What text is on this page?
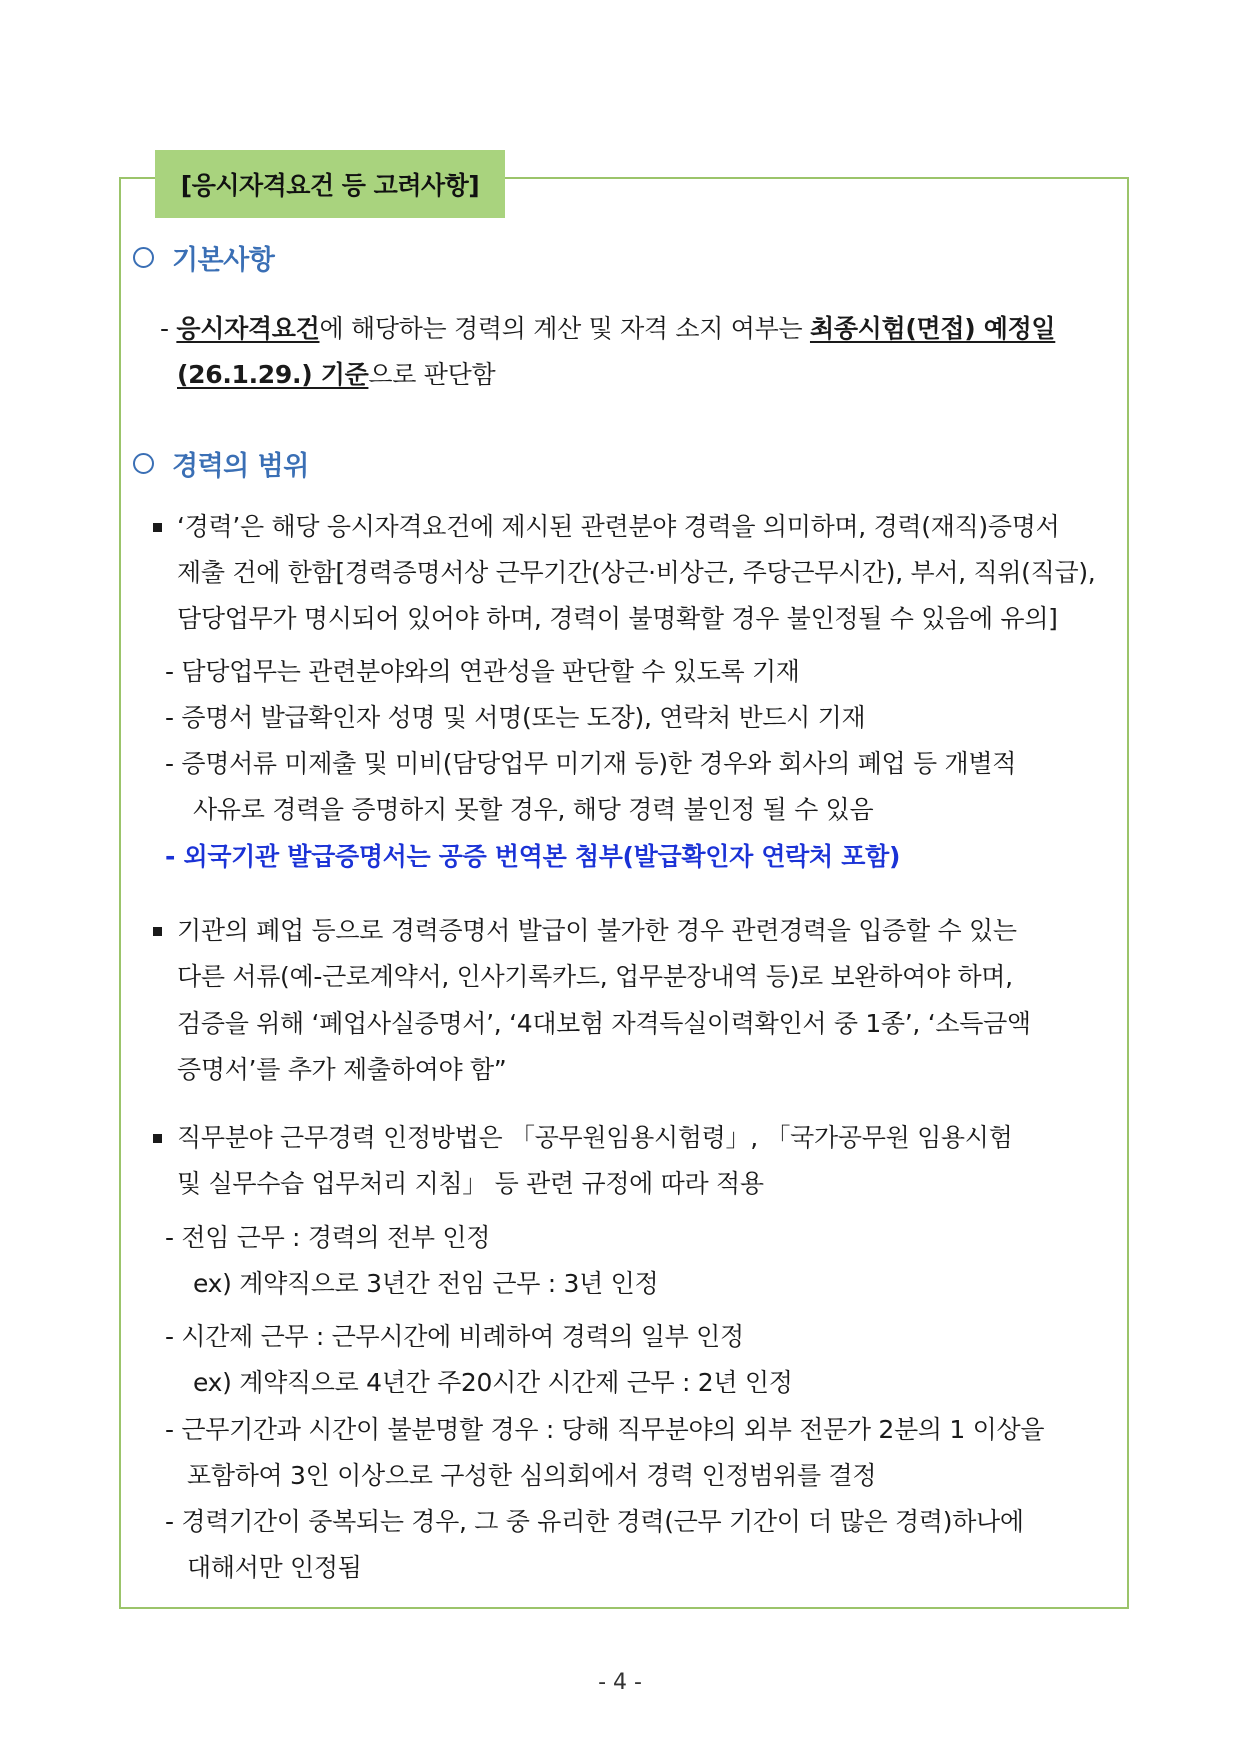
[응시자격요건 등 고려사항]
기본사항
- 응시자격요건에 해당하는 경력의 계산 및 자격 소지 여부는 최종시험(면접) 예정일
(26.1.29.) 기준으로 판단함
경력의 범위
‘경력’은 해당 응시자격요건에 제시된 관련분야 경력을 의미하며, 경력(재직)증명서
제출 건에 한함[경력증명서상 근무기간(상근·비상근, 주당근무시간), 부서, 직위(직급),
담당업무가 명시되어 있어야 하며, 경력이 불명확할 경우 불인정될 수 있음에 유의]
- 담당업무는 관련분야와의 연관성을 판단할 수 있도록 기재
- 증명서 발급확인자 성명 및 서명(또는 도장), 연락처 반드시 기재
- 증명서류 미제출 및 미비(담당업무 미기재 등)한 경우와 회사의 폐업 등 개별적
사유로 경력을 증명하지 못할 경우, 해당 경력 불인정 될 수 있음
- 외국기관 발급증명서는 공증 번역본 첨부(발급확인자 연락처 포함)
기관의 폐업 등으로 경력증명서 발급이 불가한 경우 관련경력을 입증할 수 있는
다른 서류(예-근로계약서, 인사기록카드, 업무분장내역 등)로 보완하여야 하며,
검증을 위해 ‘폐업사실증명서’, ‘4대보험 자격득실이력확인서 중 1종’, ‘소득금액
증명서’를 추가 제출하여야 함”
직무분야 근무경력 인정방법은 「공무원임용시험령」, 「국가공무원 임용시험
및 실무수습 업무처리 지침」 등 관련 규정에 따라 적용
- 전임 근무 : 경력의 전부 인정
ex) 계약직으로 3년간 전임 근무 : 3년 인정
- 시간제 근무 : 근무시간에 비례하여 경력의 일부 인정
ex) 계약직으로 4년간 주20시간 시간제 근무 : 2년 인정
- 근무기간과 시간이 불분명할 경우 : 당해 직무분야의 외부 전문가 2분의 1 이상을
포함하여 3인 이상으로 구성한 심의회에서 경력 인정범위를 결정
- 경력기간이 중복되는 경우, 그 중 유리한 경력(근무 기간이 더 많은 경력)하나에
대해서만 인정됨
- 4 -
